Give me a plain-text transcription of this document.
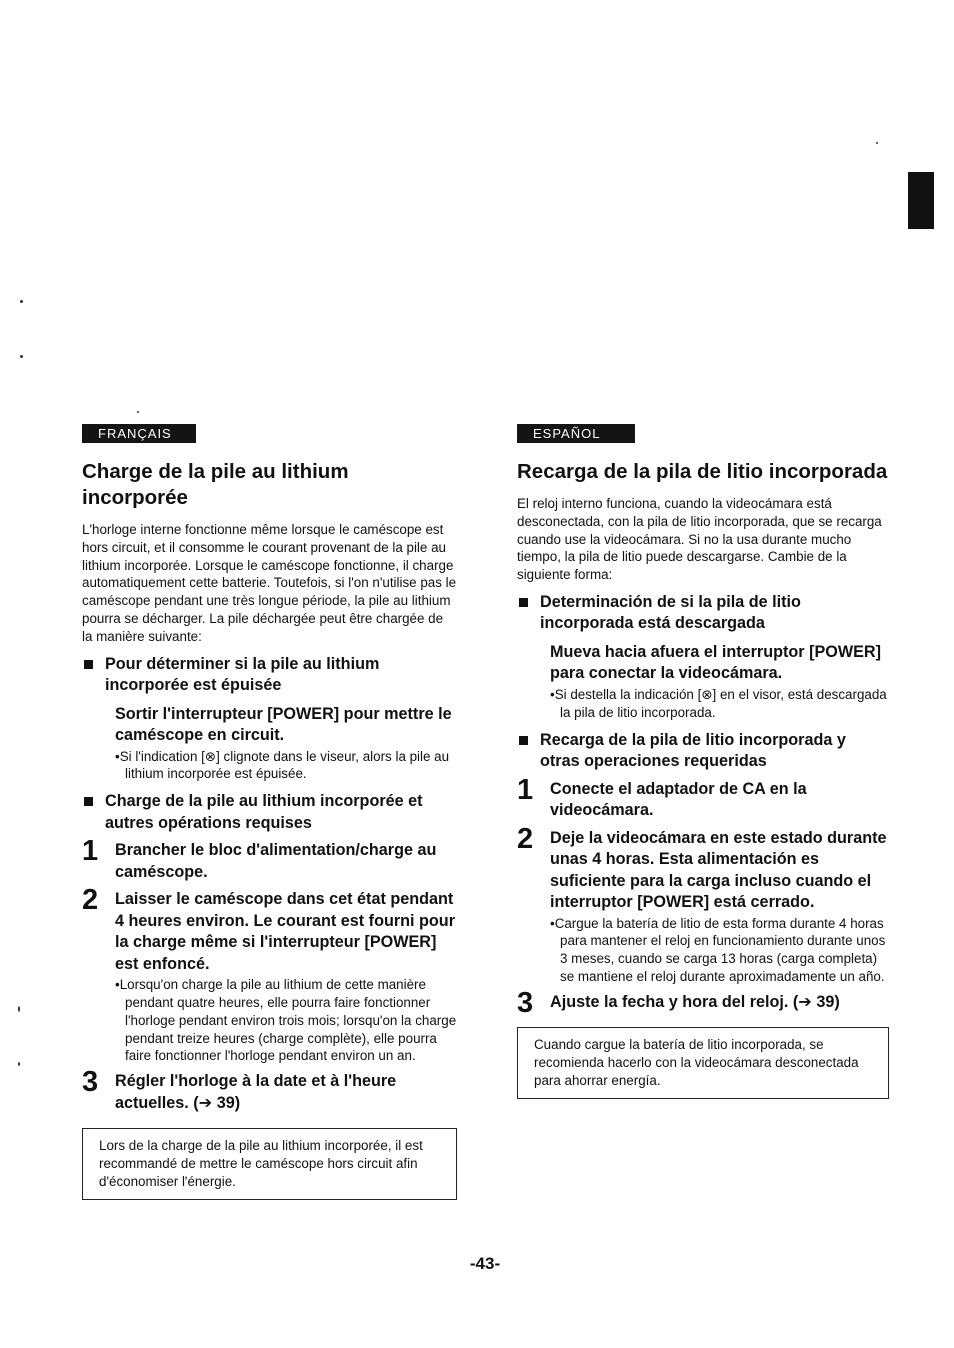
FRANÇAIS
Charge de la pile au lithium incorporée

L'horloge interne fonctionne même lorsque le caméscope est hors circuit, et il consomme le courant provenant de la pile au lithium incorporée. Lorsque le caméscope fonctionne, il charge automatiquement cette batterie. Toutefois, si l'on n'utilise pas le caméscope pendant une très longue période, la pile au lithium pourra se décharger. La pile déchargée peut être chargée de la manière suivante:

Pour déterminer si la pile au lithium incorporée est épuisée
Sortir l'interrupteur [POWER] pour mettre le caméscope en circuit.
•Si l'indication [⊗] clignote dans le viseur, alors la pile au lithium incorporée est épuisée.
Charge de la pile au lithium incorporée et autres opérations requises
1 Brancher le bloc d'alimentation/charge au caméscope.
2 Laisser le caméscope dans cet état pendant 4 heures environ. Le courant est fourni pour la charge même si l'interrupteur [POWER] est enfoncé.
•Lorsqu'on charge la pile au lithium de cette manière pendant quatre heures, elle pourra faire fonctionner l'horloge pendant environ trois mois; lorsqu'on la charge pendant treize heures (charge complète), elle pourra faire fonctionner l'horloge pendant environ un an.
3 Régler l'horloge à la date et à l'heure actuelles. (➔ 39)
Lors de la charge de la pile au lithium incorporée, il est recommandé de mettre le caméscope hors circuit afin d'économiser l'énergie.
ESPAÑOL
Recarga de la pila de litio incorporada

El reloj interno funciona, cuando la videocámara está desconectada, con la pila de litio incorporada, que se recarga cuando use la videocámara. Si no la usa durante mucho tiempo, la pila de litio puede descargarse. Cambie de la siguiente forma:

Determinación de si la pila de litio incorporada está descargada
Mueva hacia afuera el interruptor [POWER] para conectar la videocámara.
•Si destella la indicación [⊗] en el visor, está descargada la pila de litio incorporada.
Recarga de la pila de litio incorporada y otras operaciones requeridas
1 Conecte el adaptador de CA en la videocámara.
2 Deje la videocámara en este estado durante unas 4 horas. Esta alimentación es suficiente para la carga incluso cuando el interruptor [POWER] está cerrado.
•Cargue la batería de litio de esta forma durante 4 horas para mantener el reloj en funcionamiento durante unos 3 meses, cuando se carga 13 horas (carga completa) se mantiene el reloj durante aproximadamente un año.
3 Ajuste la fecha y hora del reloj. (➔ 39)
Cuando cargue la batería de litio incorporada, se recomienda hacerlo con la videocámara desconectada para ahorrar energía.
-43-
